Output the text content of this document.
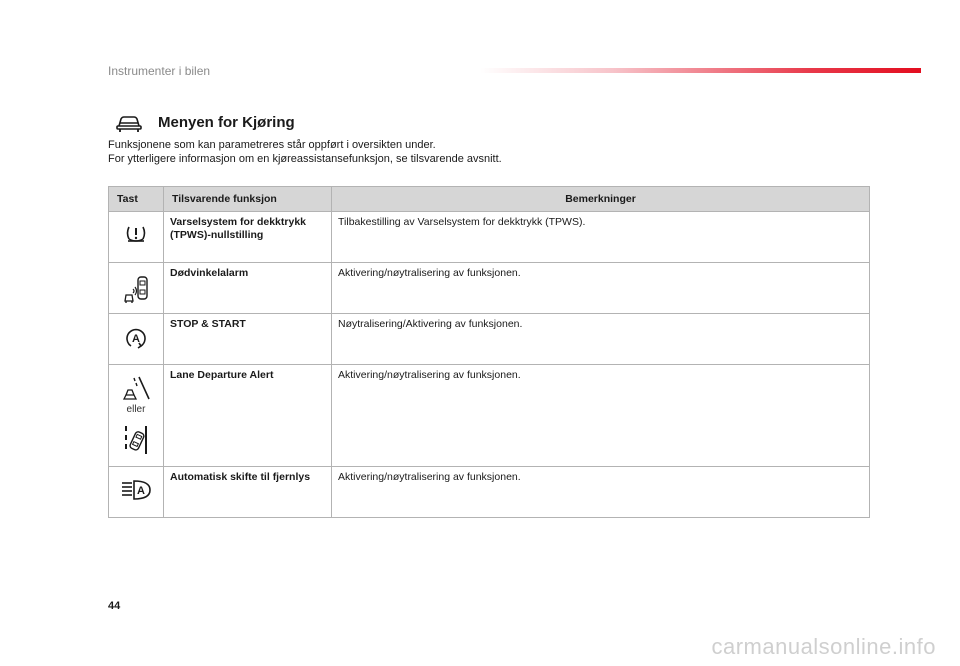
Instrumenter i bilen
Menyen for Kjøring

Funksjonene som kan parametreres står oppført i oversikten under.

For ytterligere informasjon om en kjøreassistansefunksjon, se tilsvarende avsnitt.

Tast	Tilsvarende funksjon	Bemerkninger

	Varselsystem for dekktrykk (TPWS)-nullstilling	Tilbakestilling av Varselsystem for dekktrykk (TPWS).

	Dødvinkelalarm	Aktivering/nøytralisering av funksjonen.

A	STOP & START	Nøytralisering/Aktivering av funksjonen.

eller	Lane Departure Alert	Aktivering/nøytralisering av funksjonen.

A	Automatisk skifte til fjernlys	Aktivering/nøytralisering av funksjonen.
44
carmanualsonline.info
